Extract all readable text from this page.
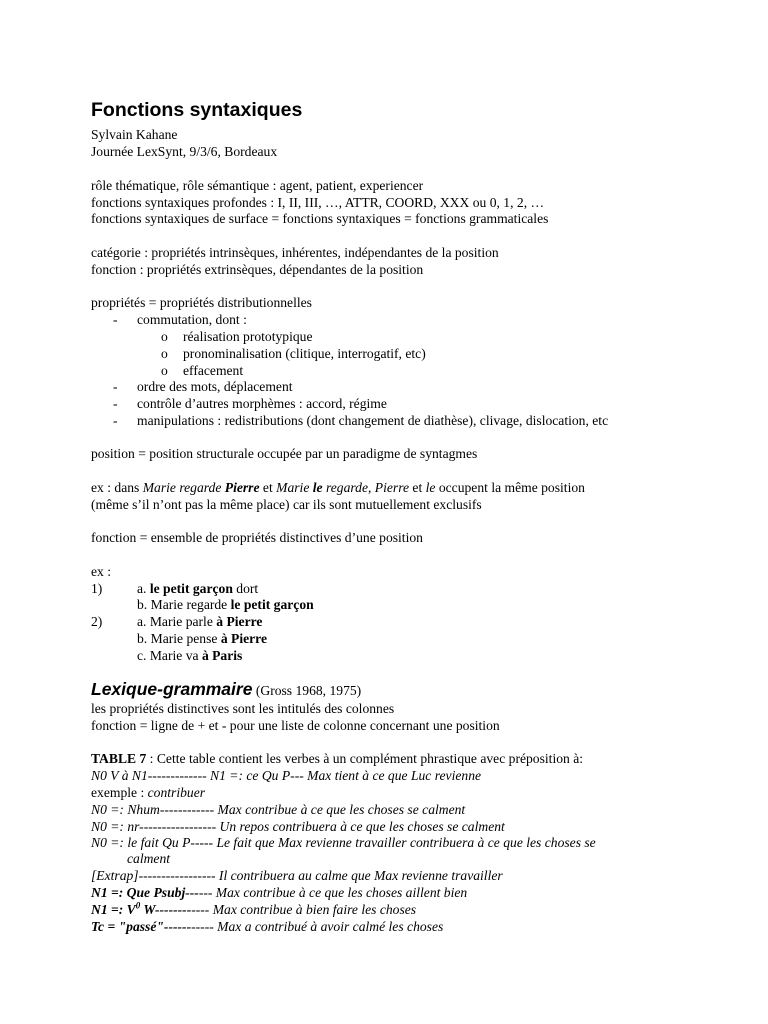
Fonctions syntaxiques
Sylvain Kahane
Journée LexSynt, 9/3/6, Bordeaux
rôle thématique, rôle sémantique : agent, patient, experiencer
fonctions syntaxiques profondes : I, II, III, …, ATTR, COORD, XXX ou 0, 1, 2, …
fonctions syntaxiques de surface = fonctions syntaxiques = fonctions grammaticales
catégorie : propriétés intrinsèques, inhérentes, indépendantes de la position
fonction : propriétés extrinsèques, dépendantes de la position
propriétés = propriétés distributionnelles
- commutation, dont :
o réalisation prototypique
o pronominalisation (clitique, interrogatif, etc)
o effacement
- ordre des mots, déplacement
- contrôle d’autres morphèmes : accord, régime
- manipulations : redistributions (dont changement de diathèse), clivage, dislocation, etc
position = position structurale occupée par un paradigme de syntagmes
ex : dans Marie regarde Pierre et Marie le regarde, Pierre et le occupent la même position
(même s’il n’ont pas la même place) car ils sont mutuellement exclusifs
fonction = ensemble de propriétés distinctives d’une position
ex :
1)	a. le petit garçon dort
b. Marie regarde le petit garçon
2)	a. Marie parle à Pierre
b. Marie pense à Pierre
c. Marie va à Paris
Lexique-grammaire (Gross 1968, 1975)
les propriétés distinctives sont les intitulés des colonnes
fonction = ligne de + et - pour une liste de colonne concernant une position
TABLE 7 : Cette table contient les verbes à un complément phrastique avec préposition à:
N0 V à N1------------- N1 =: ce Qu P--- Max tient à ce que Luc revienne
exemple : contribuer
N0 =: Nhum------------ Max contribue à ce que les choses se calment
N0 =: nr----------------- Un repos contribuera à ce que les choses se calment
N0 =: le fait Qu P----- Le fait que Max revienne travailler contribuera à ce que les choses se
calment
[Extrap]----------------- Il contribuera au calme que Max revienne travailler
N1 =: Que Psubj------ Max contribue à ce que les choses aillent bien
N1 =: $V^0$ W------------ Max contribue à bien faire les choses
Tc = "passé"----------- Max a contribué à avoir calmé les choses
